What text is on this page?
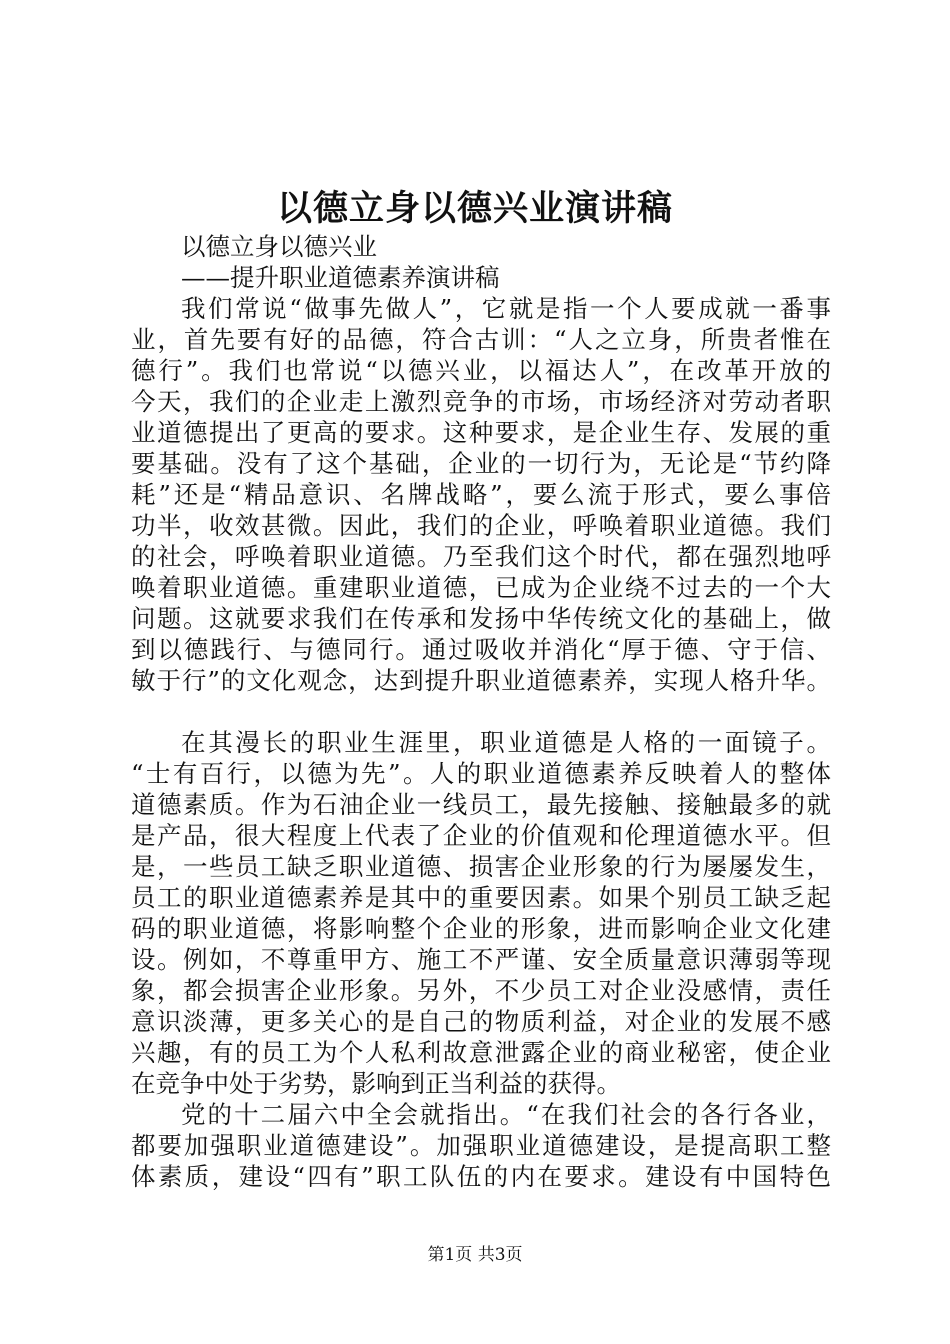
以德立身以德兴业演讲稿
以德立身以德兴业
——提升职业道德素养演讲稿
我们常说“做事先做人”，它就是指一个人要成就一番事
业，首先要有好的品德，符合古训：“人之立身，所贵者惟在
德行”。我们也常说“以德兴业，以福达人”，在改革开放的
今天，我们的企业走上激烈竞争的市场，市场经济对劳动者职
业道德提出了更高的要求。这种要求，是企业生存、发展的重
要基础。没有了这个基础，企业的一切行为，无论是“节约降
耗”还是“精品意识、名牌战略”，要么流于形式，要么事倍
功半，收效甚微。因此，我们的企业，呼唤着职业道德。我们
的社会，呼唤着职业道德。乃至我们这个时代，都在强烈地呼
唤着职业道德。重建职业道德，已成为企业绕不过去的一个大
问题。这就要求我们在传承和发扬中华传统文化的基础上，做
到以德践行、与德同行。通过吸收并消化“厚于德、守于信、
敏于行”的文化观念，达到提升职业道德素养，实现人格升华。
在其漫长的职业生涯里，职业道德是人格的一面镜子。
“士有百行，以德为先”。人的职业道德素养反映着人的整体
道德素质。作为石油企业一线员工，最先接触、接触最多的就
是产品，很大程度上代表了企业的价值观和伦理道德水平。但
是，一些员工缺乏职业道德、损害企业形象的行为屡屡发生，
员工的职业道德素养是其中的重要因素。如果个别员工缺乏起
码的职业道德，将影响整个企业的形象，进而影响企业文化建
设。例如，不尊重甲方、施工不严谨、安全质量意识薄弱等现
象，都会损害企业形象。另外，不少员工对企业没感情，责任
意识淡薄，更多关心的是自己的物质利益，对企业的发展不感
兴趣，有的员工为个人私利故意泄露企业的商业秘密，使企业
在竞争中处于劣势，影响到正当利益的获得。
党的十二届六中全会就指出。“在我们社会的各行各业，
都要加强职业道德建设”。加强职业道德建设，是提高职工整
体素质，建设“四有”职工队伍的内在要求。建设有中国特色
第1页 共3页
